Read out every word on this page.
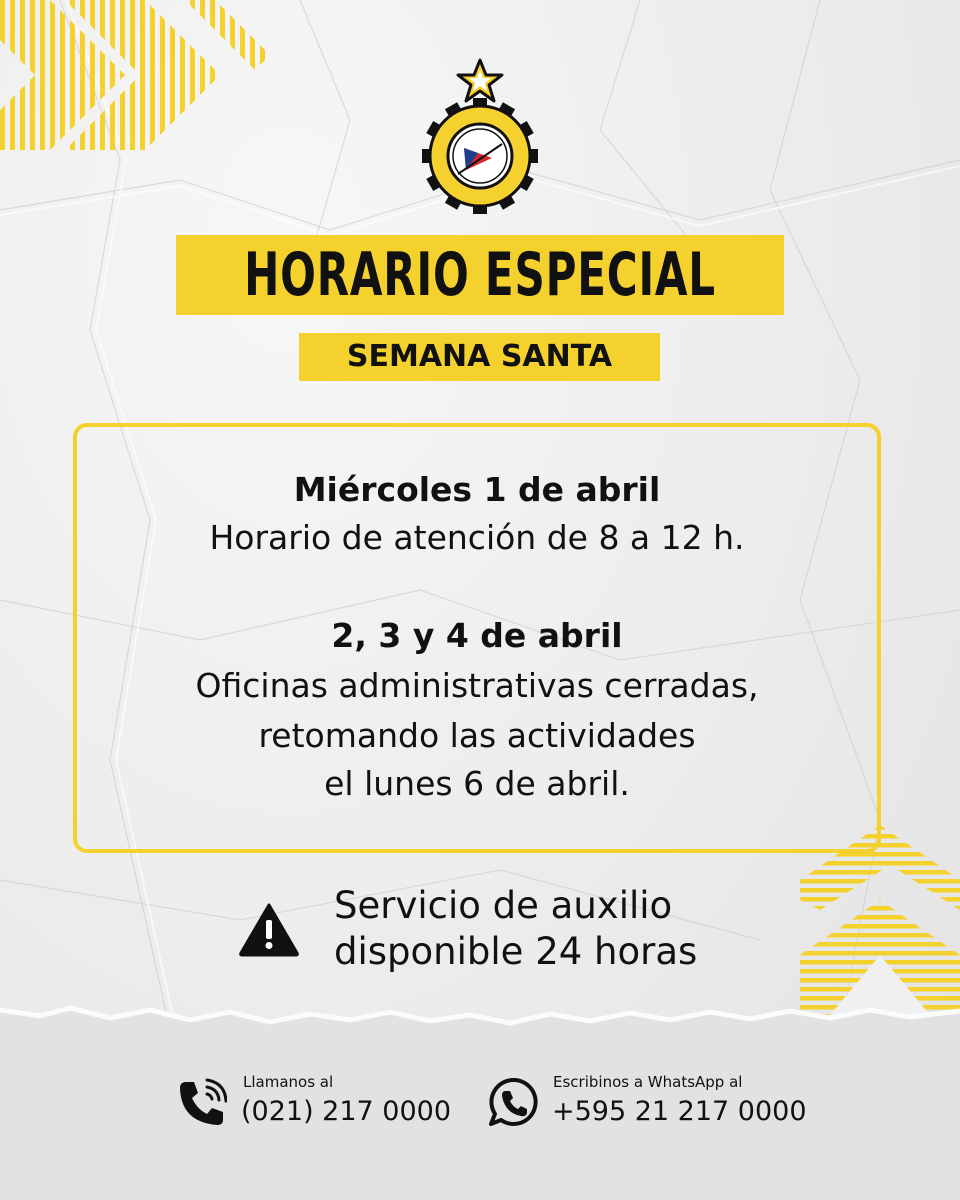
HORARIO ESPECIAL
SEMANA SANTA
Miércoles 1 de abril
Horario de atención de 8 a 12 h.
2, 3 y 4 de abril
Oficinas administrativas cerradas,
retomando las actividades
el lunes 6 de abril.
Servicio de auxilio
disponible 24 horas
Llamanos al
(021) 217 0000
Escribinos a WhatsApp al
+595 21 217 0000
